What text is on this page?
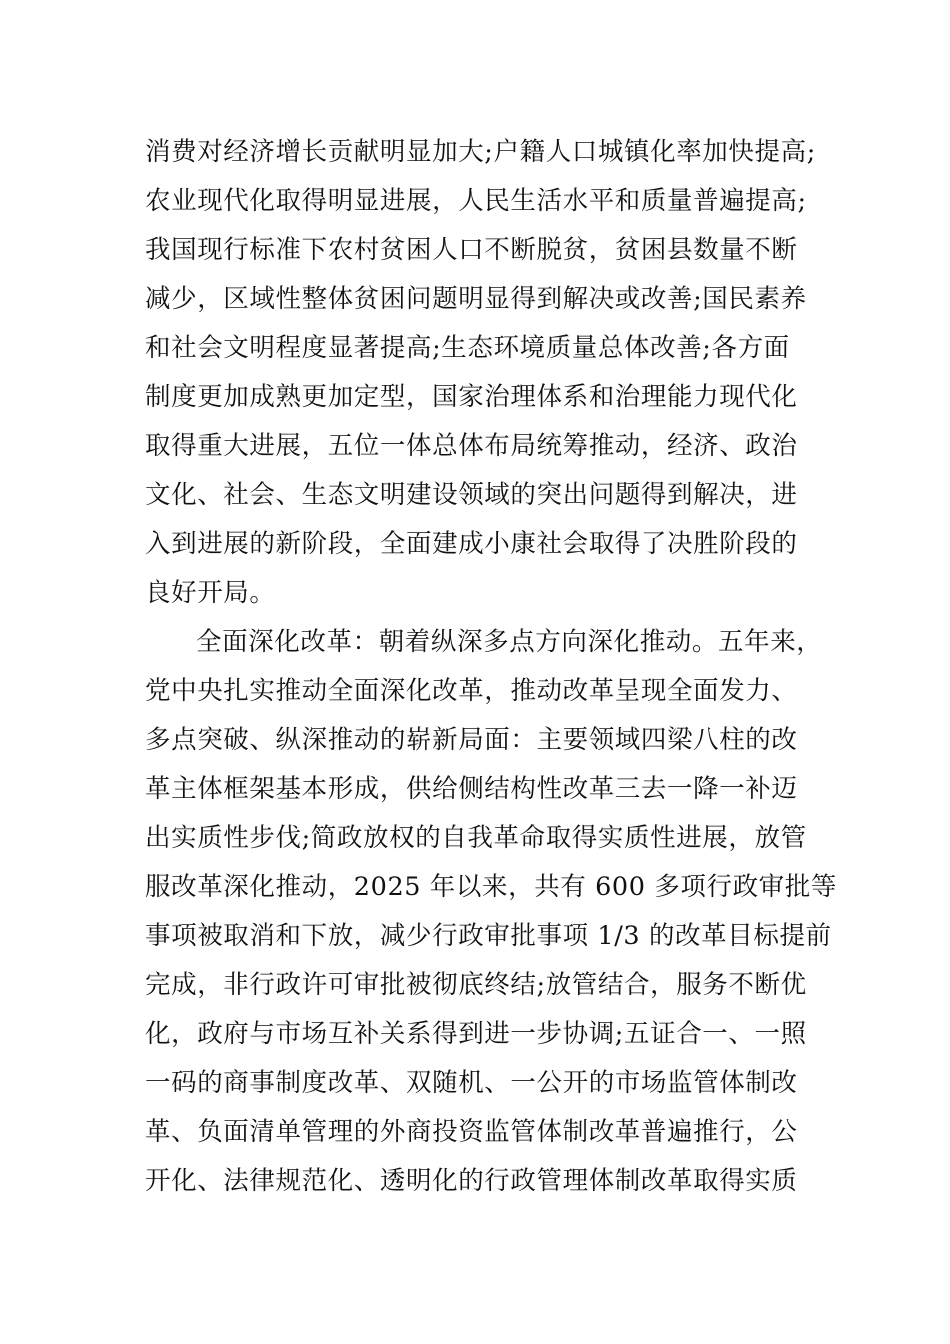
消费对经济增长贡献明显加大;户籍人口城镇化率加快提高;
农业现代化取得明显进展，人民生活水平和质量普遍提高;
我国现行标准下农村贫困人口不断脱贫，贫困县数量不断
减少，区域性整体贫困问题明显得到解决或改善;国民素养
和社会文明程度显著提高;生态环境质量总体改善;各方面
制度更加成熟更加定型，国家治理体系和治理能力现代化
取得重大进展，五位一体总体布局统筹推动，经济、政治
文化、社会、生态文明建设领域的突出问题得到解决，进
入到进展的新阶段，全面建成小康社会取得了决胜阶段的
良好开局。
全面深化改革：朝着纵深多点方向深化推动。五年来，
党中央扎实推动全面深化改革，推动改革呈现全面发力、
多点突破、纵深推动的崭新局面：主要领域四梁八柱的改
革主体框架基本形成，供给侧结构性改革三去一降一补迈
出实质性步伐;简政放权的自我革命取得实质性进展，放管
服改革深化推动，2025 年以来，共有 600 多项行政审批等
事项被取消和下放，减少行政审批事项 1/3 的改革目标提前
完成，非行政许可审批被彻底终结;放管结合，服务不断优
化，政府与市场互补关系得到进一步协调;五证合一、一照
一码的商事制度改革、双随机、一公开的市场监管体制改
革、负面清单管理的外商投资监管体制改革普遍推行，公
开化、法律规范化、透明化的行政管理体制改革取得实质
